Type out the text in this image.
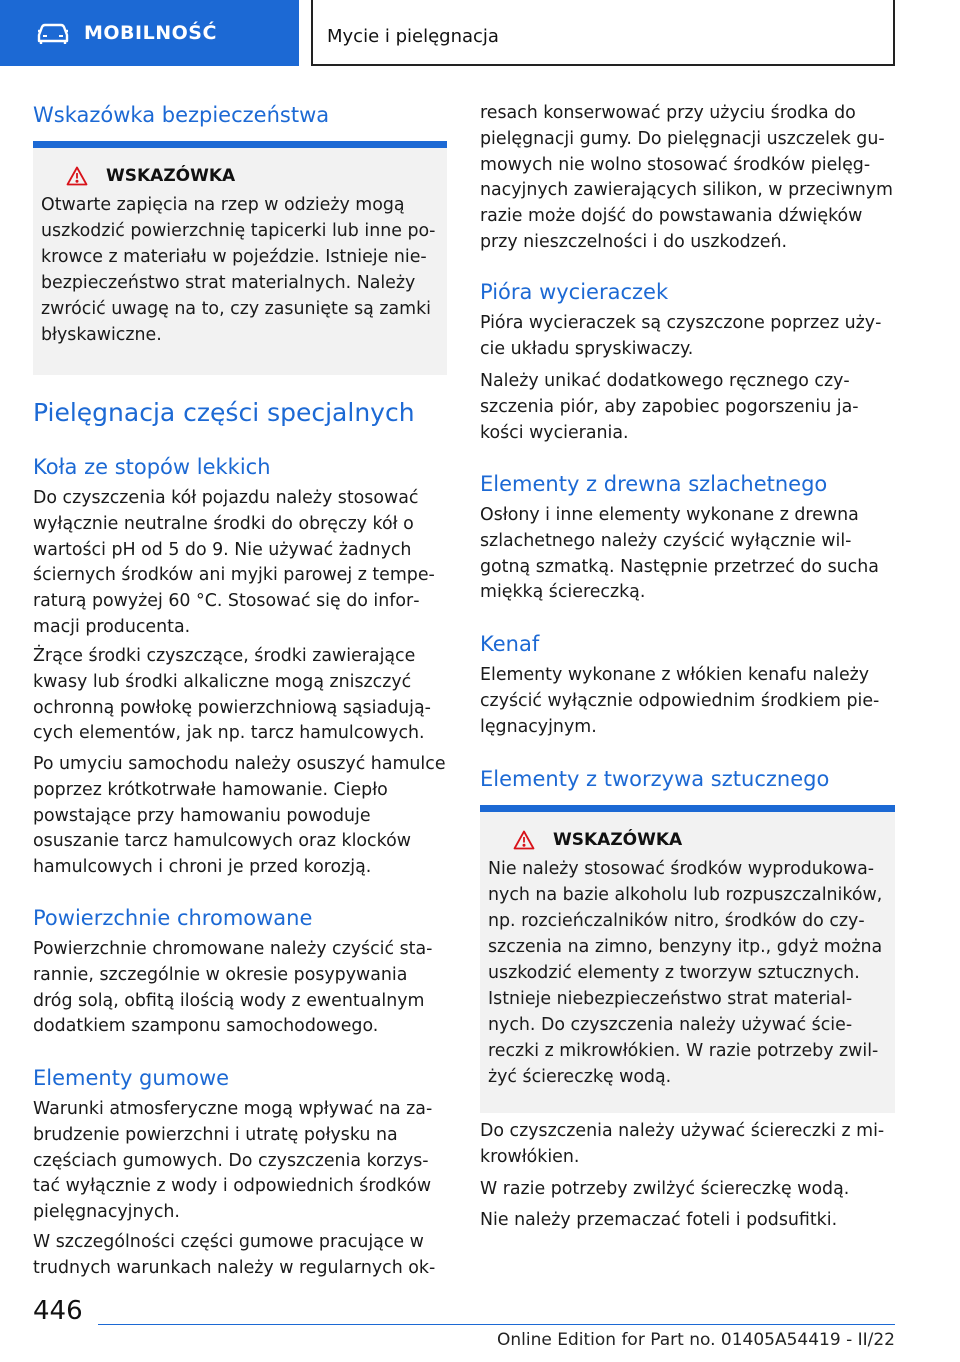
MOBILNOŚĆ	Mycie i pielęgnacja
Wskazówka bezpieczeństwa
WSKAZÓWKA
Otwarte zapięcia na rzep w odzieży mogą uszkodzić powierzchnię tapicerki lub inne pokrowce z materiału w pojeździe. Istnieje niebezpieczeństwo strat materialnych. Należy zwrócić uwagę na to, czy zasunięte są zamki błyskawiczne.
Pielęgnacja części specjalnych
Koła ze stopów lekkich
Do czyszczenia kół pojazdu należy stosować wyłącznie neutralne środki do obręczy kół o wartości pH od 5 do 9. Nie używać żadnych ściernych środków ani myjki parowej z temperaturą powyżej 60 °C. Stosować się do informacji producenta.
Żrące środki czyszczące, środki zawierające kwasy lub środki alkaliczne mogą zniszczyć ochronną powłokę powierzchniową sąsiadujących elementów, jak np. tarcz hamulcowych.
Po umyciu samochodu należy osuszyć hamulce poprzez krótkotrwałe hamowanie. Ciepło powstające przy hamowaniu powoduje osuszanie tarcz hamulcowych oraz klocków hamulcowych i chroni je przed korozją.
Powierzchnie chromowane
Powierzchnie chromowane należy czyścić starannie, szczególnie w okresie posypywania dróg solą, obfitą ilością wody z ewentualnym dodatkiem szamponu samochodowego.
Elementy gumowe
Warunki atmosferyczne mogą wpływać na zabrudzenie powierzchni i utratę połysku na częściach gumowych. Do czyszczenia korzystać wyłącznie z wody i odpowiednich środków pielęgnacyjnych.
W szczególności części gumowe pracujące w trudnych warunkach należy w regularnych ok-
resach konserwować przy użyciu środka do pielęgnacji gumy. Do pielęgnacji uszczelek gumowych nie wolno stosować środków pielęgnacyjnych zawierających silikon, w przeciwnym razie może dojść do powstawania dźwięków przy nieszczelności i do uszkodzeń.
Pióra wycieraczek
Pióra wycieraczek są czyszczone poprzez użycie układu spryskiwaczy.
Należy unikać dodatkowego ręcznego czyszczenia piór, aby zapobiec pogorszeniu jakości wycierania.
Elementy z drewna szlachetnego
Osłony i inne elementy wykonane z drewna szlachetnego należy czyścić wyłącznie wilgotną szmatką. Następnie przetrzeć do sucha miękką ściereczką.
Kenaf
Elementy wykonane z włókien kenafu należy czyścić wyłącznie odpowiednim środkiem pielęgnacyjnym.
Elementy z tworzywa sztucznego
WSKAZÓWKA
Nie należy stosować środków wyprodukowanych na bazie alkoholu lub rozpuszczalników, np. rozcieńczalników nitro, środków do czyszczenia na zimno, benzyny itp., gdyż można uszkodzić elementy z tworzyw sztucznych. Istnieje niebezpieczeństwo strat materialnych. Do czyszczenia należy używać ściereczki z mikrowłókien. W razie potrzeby zwilżyć ściereczkę wodą.
Do czyszczenia należy używać ściereczki z mikrowłókien.
W razie potrzeby zwilżyć ściereczkę wodą.
Nie należy przemaczać foteli i podsufitki.
446
Online Edition for Part no. 01405A54419 - II/22
